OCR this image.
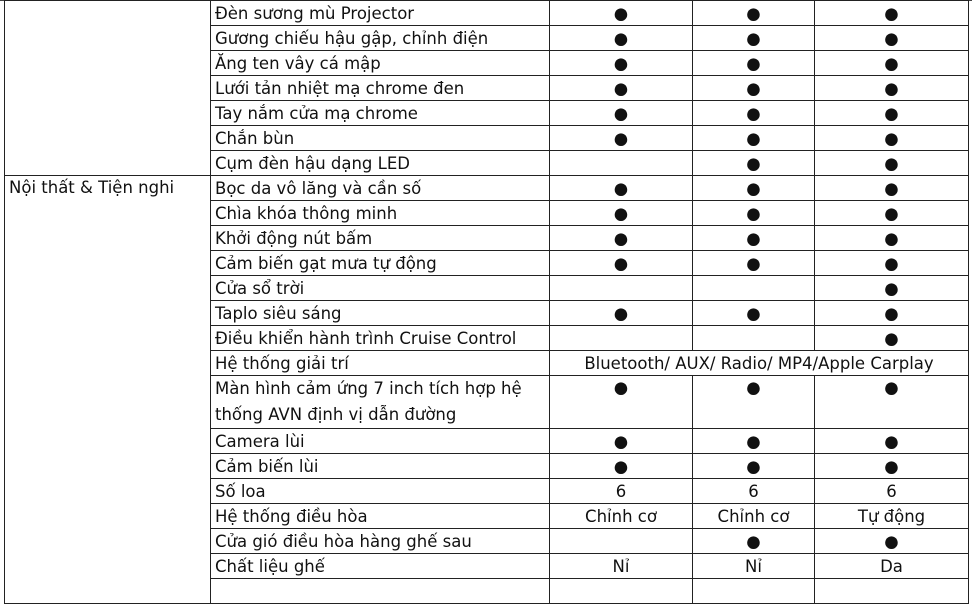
	Đèn sương mù Projector	●	●	●
	Gương chiếu hậu gập, chỉnh điện	●	●	●
	Ăng ten vây cá mập	●	●	●
	Lưới tản nhiệt mạ chrome đen	●	●	●
	Tay nắm cửa mạ chrome	●	●	●
	Chắn bùn	●	●	●
	Cụm đèn hậu dạng LED		●	●
Nội thất & Tiện nghi	Bọc da vô lăng và cần số	●	●	●
	Chìa khóa thông minh	●	●	●
	Khởi động nút bấm	●	●	●
	Cảm biến gạt mưa tự động	●	●	●
	Cửa sổ trời			●
	Taplo siêu sáng	●	●	●
	Điều khiển hành trình Cruise Control			●
	Hệ thống giải trí	Bluetooth/ AUX/ Radio/ MP4/Apple Carplay		
	Màn hình cảm ứng 7 inch tích hợp hệ thống AVN định vị dẫn đường	●	●	●
	Camera lùi	●	●	●
	Cảm biến lùi	●	●	●
	Số loa	6	6	6
	Hệ thống điều hòa	Chỉnh cơ	Chỉnh cơ	Tự động
	Cửa gió điều hòa hàng ghế sau		●	●
	Chất liệu ghế	Nỉ	Nỉ	Da
